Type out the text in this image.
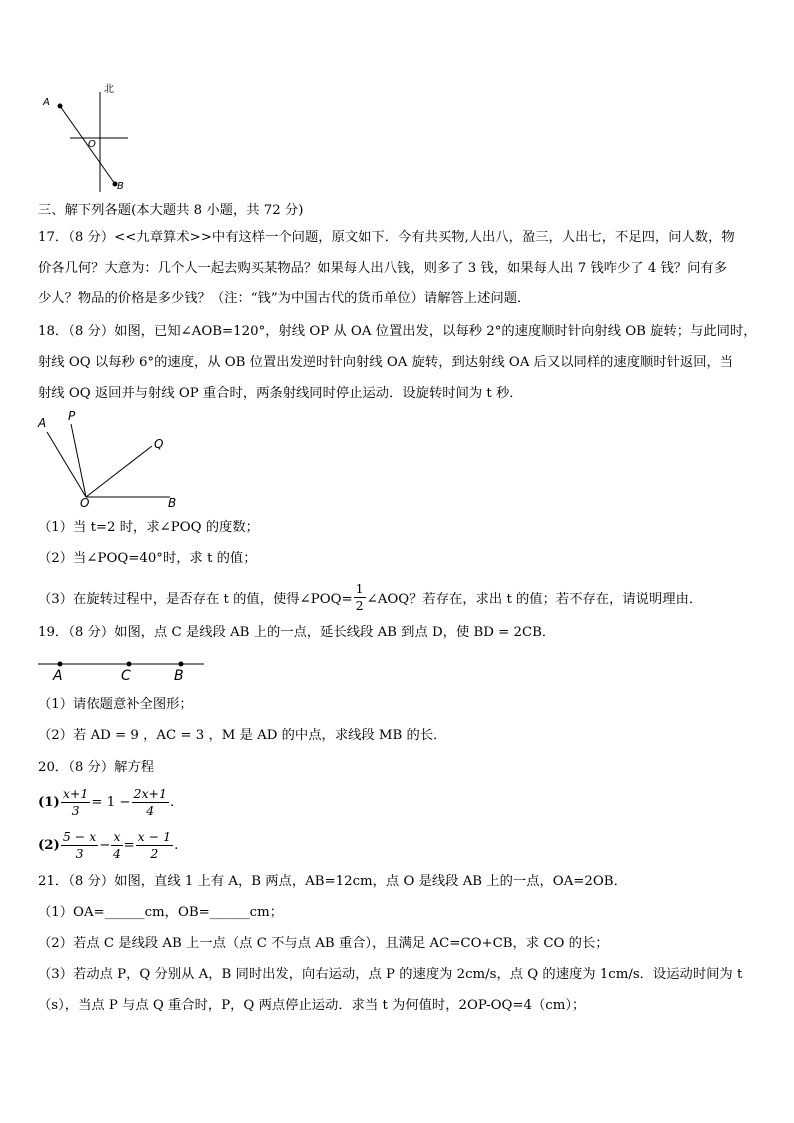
北
A
O
B
三、解下列各题(本大题共 8 小题，共 72 分)
17．（8 分）<<九章算术>>中有这样一个问题，原文如下．今有共买物,人出八，盈三，人出七，不足四，问人数，物
价各几何？大意为：几个人一起去购买某物品？如果每人出八钱，则多了 3 钱，如果每人出 7 钱咋少了 4 钱？问有多
少人？物品的价格是多少钱？（注：“钱”为中国古代的货币单位）请解答上述问题．
18．（8 分）如图，已知∠AOB=120°，射线 OP 从 OA 位置出发，以每秒 2°的速度顺时针向射线 OB 旋转；与此同时，
射线 OQ 以每秒 6°的速度，从 OB 位置出发逆时针向射线 OA 旋转，到达射线 OA 后又以同样的速度顺时针返回，当
射线 OQ 返回并与射线 OP 重合时，两条射线同时停止运动．设旋转时间为 t 秒．
A P
Q
O	B
（1）当 t=2 时，求∠POQ 的度数；
（2）当∠POQ=40°时，求 t 的值；
（3）在旋转过程中，是否存在 t 的值，使得∠POQ= $\frac{1}{2}$ ∠AOQ？若存在，求出 t 的值；若不存在，请说明理由．
19．（8 分）如图，点 C 是线段 AB 上的一点，延长线段 AB 到点 D，使 BD = 2CB．
A	C	B
（1）请依题意补全图形；
（2）若 AD = 9 ，AC = 3 ，M 是 AD 的中点，求线段 MB 的长．
20．（8 分）解方程
$(1) \frac{x+1}{3} = 1 - \frac{2x+1}{4}$ .
$(2) \frac{5 - x}{3} - \frac{x}{4} = \frac{x - 1}{2}$ .
21．（8 分）如图，直线 1 上有 A，B 两点，AB=12cm，点 O 是线段 AB 上的一点，OA=2OB．
（1）OA=______cm，OB=______cm；
（2）若点 C 是线段 AB 上一点（点 C 不与点 AB 重合），且满足 AC=CO+CB，求 CO 的长；
（3）若动点 P，Q 分别从 A，B 同时出发，向右运动，点 P 的速度为 2cm/s，点 Q 的速度为 1cm/s．设运动时间为 t
（s），当点 P 与点 Q 重合时，P，Q 两点停止运动．求当 t 为何值时，2OP-OQ=4（cm）；
